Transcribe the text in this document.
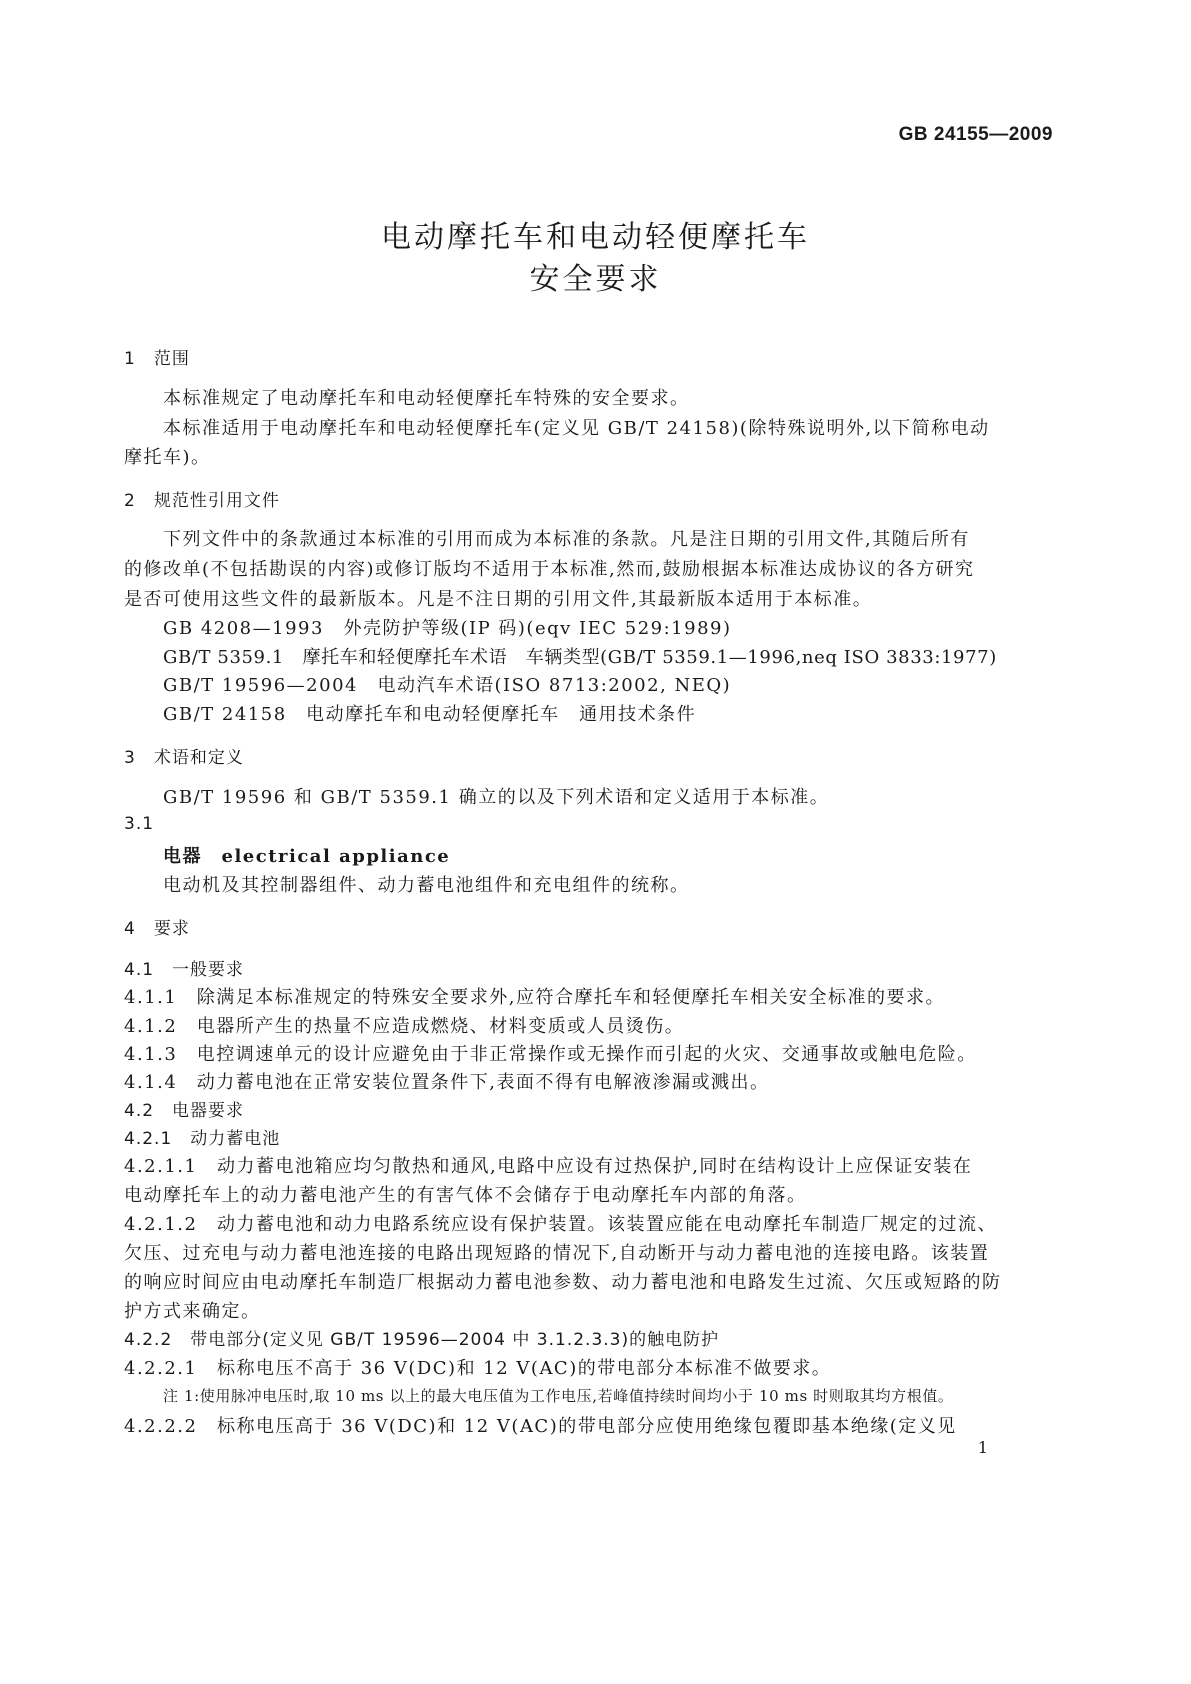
GB 24155—2009
电动摩托车和电动轻便摩托车
安全要求
1　范围
本标准规定了电动摩托车和电动轻便摩托车特殊的安全要求。
本标准适用于电动摩托车和电动轻便摩托车(定义见 GB/T 24158)(除特殊说明外,以下简称电动
摩托车)。
2　规范性引用文件
下列文件中的条款通过本标准的引用而成为本标准的条款。凡是注日期的引用文件,其随后所有
的修改单(不包括勘误的内容)或修订版均不适用于本标准,然而,鼓励根据本标准达成协议的各方研究
是否可使用这些文件的最新版本。凡是不注日期的引用文件,其最新版本适用于本标准。
GB 4208—1993　外壳防护等级(IP 码)(eqv IEC 529:1989)
GB/T 5359.1　摩托车和轻便摩托车术语　车辆类型(GB/T 5359.1—1996,neq ISO 3833:1977)
GB/T 19596—2004　电动汽车术语(ISO 8713:2002, NEQ)
GB/T 24158　电动摩托车和电动轻便摩托车　通用技术条件
3　术语和定义
GB/T 19596 和 GB/T 5359.1 确立的以及下列术语和定义适用于本标准。
3.1
电器　electrical appliance
电动机及其控制器组件、动力蓄电池组件和充电组件的统称。
4　要求
4.1　一般要求
4.1.1　除满足本标准规定的特殊安全要求外,应符合摩托车和轻便摩托车相关安全标准的要求。
4.1.2　电器所产生的热量不应造成燃烧、材料变质或人员烫伤。
4.1.3　电控调速单元的设计应避免由于非正常操作或无操作而引起的火灾、交通事故或触电危险。
4.1.4　动力蓄电池在正常安装位置条件下,表面不得有电解液渗漏或溅出。
4.2　电器要求
4.2.1　动力蓄电池
4.2.1.1　动力蓄电池箱应均匀散热和通风,电路中应设有过热保护,同时在结构设计上应保证安装在
电动摩托车上的动力蓄电池产生的有害气体不会储存于电动摩托车内部的角落。
4.2.1.2　动力蓄电池和动力电路系统应设有保护装置。该装置应能在电动摩托车制造厂规定的过流、
欠压、过充电与动力蓄电池连接的电路出现短路的情况下,自动断开与动力蓄电池的连接电路。该装置
的响应时间应由电动摩托车制造厂根据动力蓄电池参数、动力蓄电池和电路发生过流、欠压或短路的防
护方式来确定。
4.2.2　带电部分(定义见 GB/T 19596—2004 中 3.1.2.3.3)的触电防护
4.2.2.1　标称电压不高于 36 V(DC)和 12 V(AC)的带电部分本标准不做要求。
注 1:使用脉冲电压时,取 10 ms 以上的最大电压值为工作电压,若峰值持续时间均小于 10 ms 时则取其均方根值。
4.2.2.2　标称电压高于 36 V(DC)和 12 V(AC)的带电部分应使用绝缘包覆即基本绝缘(定义见
1
